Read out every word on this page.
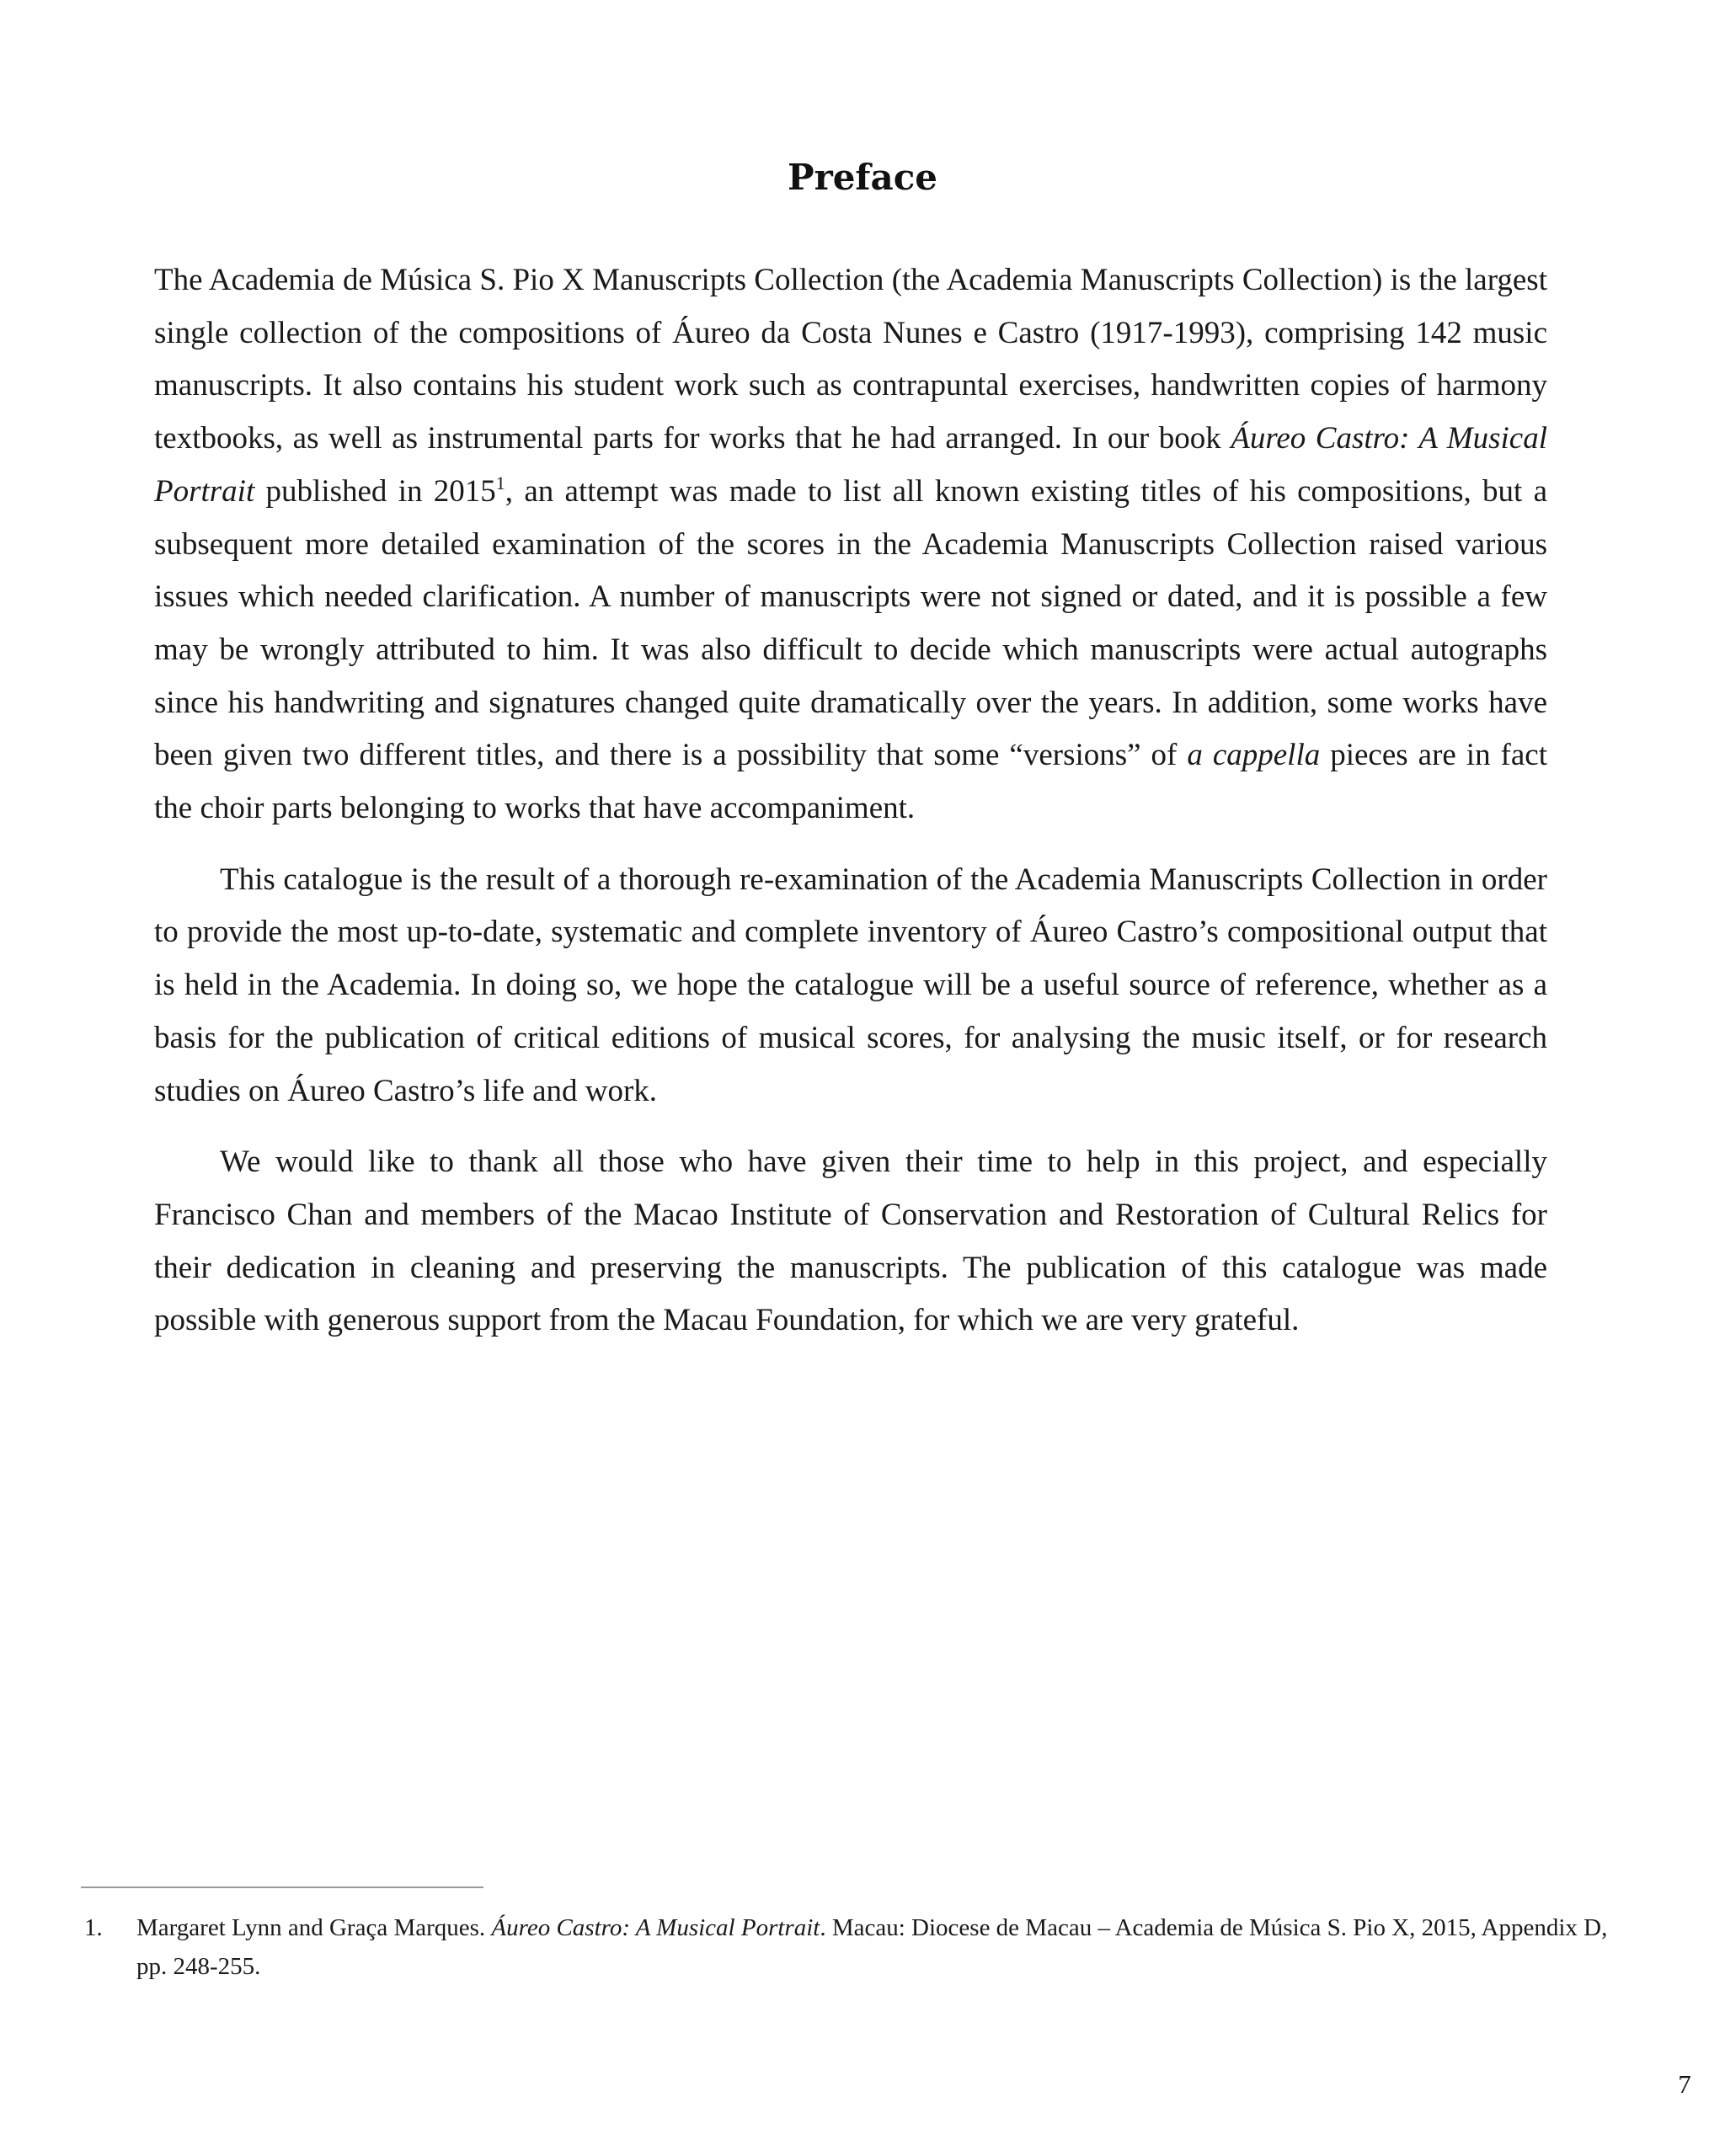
Preface

The Academia de Música S. Pio X Manuscripts Collection (the Academia Manuscripts Collection) is the largest single collection of the compositions of Áureo da Costa Nunes e Castro (1917-1993), comprising 142 music manuscripts. It also contains his student work such as contrapuntal exercises, handwritten copies of harmony textbooks, as well as instrumental parts for works that he had arranged. In our book Áureo Castro: A Musical Portrait published in 2015$^1$, an attempt was made to list all known existing titles of his compositions, but a subsequent more detailed examination of the scores in the Academia Manuscripts Collection raised various issues which needed clarification. A number of manuscripts were not signed or dated, and it is possible a few may be wrongly attributed to him. It was also difficult to decide which manuscripts were actual autographs since his handwriting and signatures changed quite dramatically over the years. In addition, some works have been given two different titles, and there is a possibility that some “versions” of a cappella pieces are in fact the choir parts belonging to works that have accompaniment.

This catalogue is the result of a thorough re-examination of the Academia Manuscripts Collection in order to provide the most up-to-date, systematic and complete inventory of Áureo Castro’s compositional output that is held in the Academia. In doing so, we hope the catalogue will be a useful source of reference, whether as a basis for the publication of critical editions of musical scores, for analysing the music itself, or for research studies on Áureo Castro’s life and work.

We would like to thank all those who have given their time to help in this project, and especially Francisco Chan and members of the Macao Institute of Conservation and Restoration of Cultural Relics for their dedication in cleaning and preserving the manuscripts. The publication of this catalogue was made possible with generous support from the Macau Foundation, for which we are very grateful.

1.	Margaret Lynn and Graça Marques. Áureo Castro: A Musical Portrait. Macau: Diocese de Macau – Academia de Música S. Pio X, 2015, Appendix D, pp. 248-255.
7
